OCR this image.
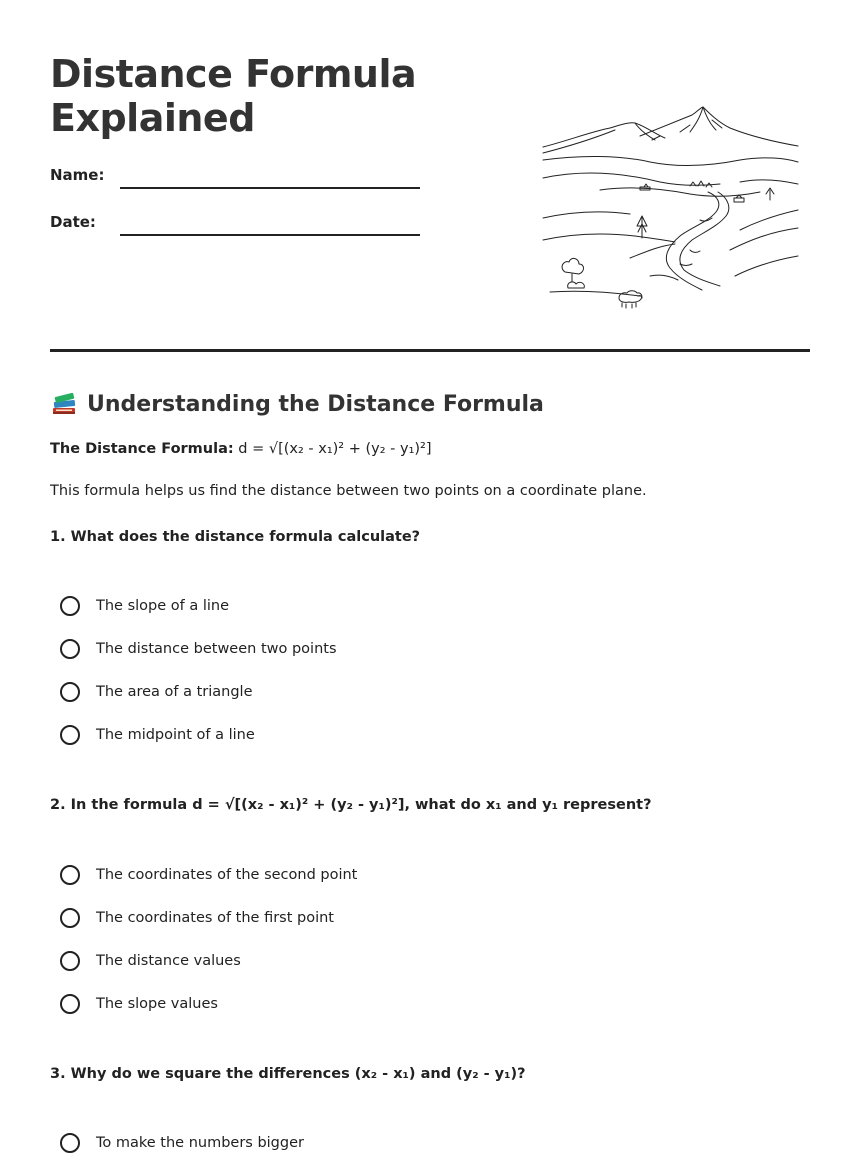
Distance Formula
Explained
Name:
Date:
Understanding the Distance Formula
The Distance Formula: d = √[(x₂ - x₁)² + (y₂ - y₁)²]
This formula helps us find the distance between two points on a coordinate plane.
1. What does the distance formula calculate?
The slope of a line
The distance between two points
The area of a triangle
The midpoint of a line
2. In the formula d = √[(x₂ - x₁)² + (y₂ - y₁)²], what do x₁ and y₁ represent?
The coordinates of the second point
The coordinates of the first point
The distance values
The slope values
3. Why do we square the differences (x₂ - x₁) and (y₂ - y₁)?
To make the numbers bigger
